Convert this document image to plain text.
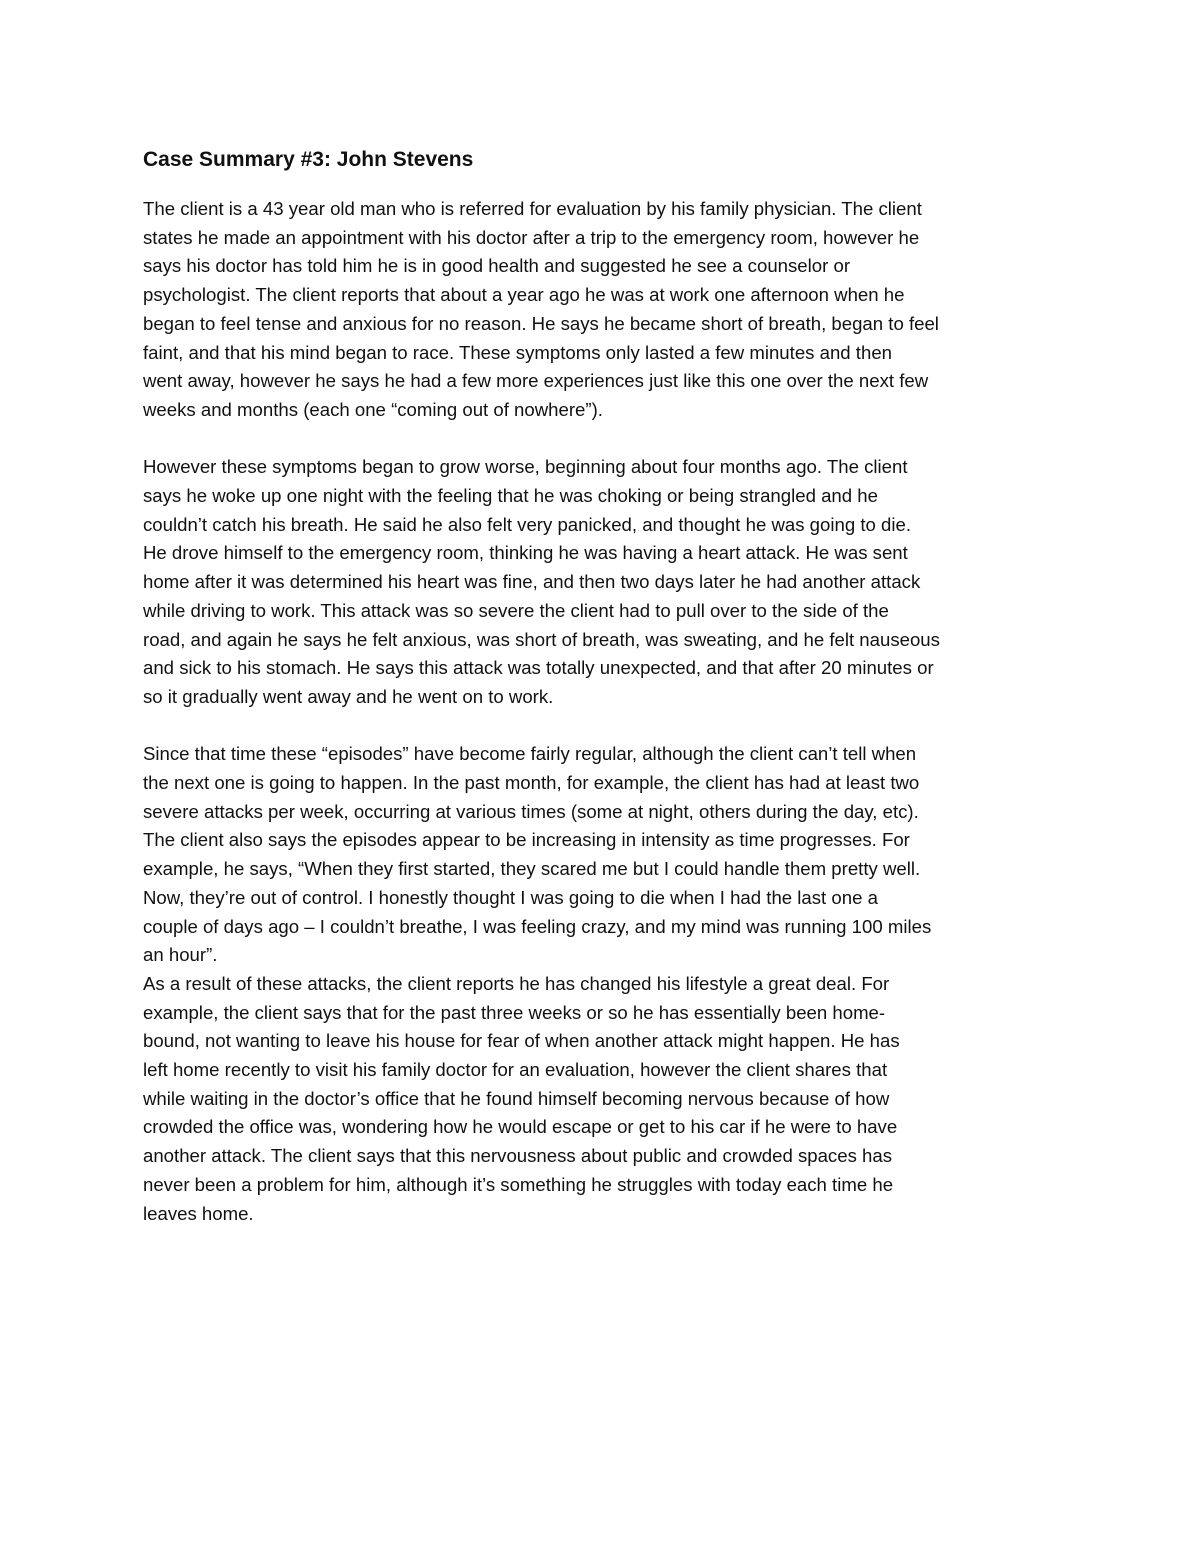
Case Summary #3: John Stevens
The client is a 43 year old man who is referred for evaluation by his family physician. The client
states he made an appointment with his doctor after a trip to the emergency room, however he
says his doctor has told him he is in good health and suggested he see a counselor or
psychologist. The client reports that about a year ago he was at work one afternoon when he
began to feel tense and anxious for no reason. He says he became short of breath, began to feel
faint, and that his mind began to race. These symptoms only lasted a few minutes and then
went away, however he says he had a few more experiences just like this one over the next few
weeks and months (each one “coming out of nowhere”).
However these symptoms began to grow worse, beginning about four months ago. The client
says he woke up one night with the feeling that he was choking or being strangled and he
couldn’t catch his breath. He said he also felt very panicked, and thought he was going to die.
He drove himself to the emergency room, thinking he was having a heart attack. He was sent
home after it was determined his heart was fine, and then two days later he had another attack
while driving to work. This attack was so severe the client had to pull over to the side of the
road, and again he says he felt anxious, was short of breath, was sweating, and he felt nauseous
and sick to his stomach. He says this attack was totally unexpected, and that after 20 minutes or
so it gradually went away and he went on to work.
Since that time these “episodes” have become fairly regular, although the client can’t tell when
the next one is going to happen. In the past month, for example, the client has had at least two
severe attacks per week, occurring at various times (some at night, others during the day, etc).
The client also says the episodes appear to be increasing in intensity as time progresses. For
example, he says, “When they first started, they scared me but I could handle them pretty well.
Now, they’re out of control. I honestly thought I was going to die when I had the last one a
couple of days ago – I couldn’t breathe, I was feeling crazy, and my mind was running 100 miles
an hour”.
As a result of these attacks, the client reports he has changed his lifestyle a great deal. For
example, the client says that for the past three weeks or so he has essentially been home-
bound, not wanting to leave his house for fear of when another attack might happen. He has
left home recently to visit his family doctor for an evaluation, however the client shares that
while waiting in the doctor’s office that he found himself becoming nervous because of how
crowded the office was, wondering how he would escape or get to his car if he were to have
another attack. The client says that this nervousness about public and crowded spaces has
never been a problem for him, although it’s something he struggles with today each time he
leaves home.
